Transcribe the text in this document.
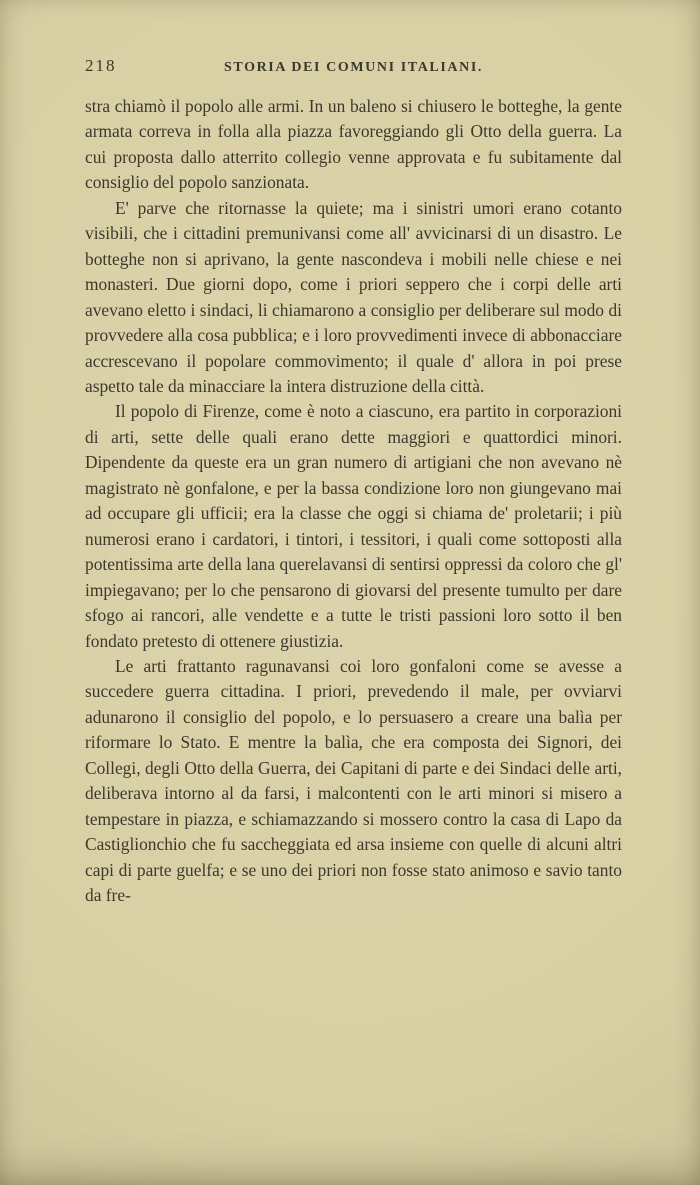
218	STORIA DEI COMUNI ITALIANI.

stra chiamò il popolo alle armi. In un baleno si chiusero le botteghe, la gente armata correva in folla alla piazza favoreggiando gli Otto della guerra. La cui proposta dallo atterrito collegio venne approvata e fu subitamente dal consiglio del popolo sanzionata.

E' parve che ritornasse la quiete; ma i sinistri umori erano cotanto visibili, che i cittadini premunivansi come all' avvicinarsi di un disastro. Le botteghe non si aprivano, la gente nascondeva i mobili nelle chiese e nei monasteri. Due giorni dopo, come i priori seppero che i corpi delle arti avevano eletto i sindaci, li chiamarono a consiglio per deliberare sul modo di provvedere alla cosa pubblica; e i loro provvedimenti invece di abbonacciare accrescevano il popolare commovimento; il quale d' allora in poi prese aspetto tale da minacciare la intera distruzione della città.

Il popolo di Firenze, come è noto a ciascuno, era partito in corporazioni di arti, sette delle quali erano dette maggiori e quattordici minori. Dipendente da queste era un gran numero di artigiani che non avevano nè magistrato nè gonfalone, e per la bassa condizione loro non giungevano mai ad occupare gli ufficii; era la classe che oggi si chiama de' proletarii; i più numerosi erano i cardatori, i tintori, i tessitori, i quali come sottoposti alla potentissima arte della lana querelavansi di sentirsi oppressi da coloro che gl' impiegavano; per lo che pensarono di giovarsi del presente tumulto per dare sfogo ai rancori, alle vendette e a tutte le tristi passioni loro sotto il ben fondato pretesto di ottenere giustizia.

Le arti frattanto ragunavansi coi loro gonfaloni come se avesse a succedere guerra cittadina. I priori, prevedendo il male, per ovviarvi adunarono il consiglio del popolo, e lo persuasero a creare una balìa per riformare lo Stato. E mentre la balìa, che era composta dei Signori, dei Collegi, degli Otto della Guerra, dei Capitani di parte e dei Sindaci delle arti, deliberava intorno al da farsi, i malcontenti con le arti minori si misero a tempestare in piazza, e schiamazzando si mossero contro la casa di Lapo da Castiglionchio che fu saccheggiata ed arsa insieme con quelle di alcuni altri capi di parte guelfa; e se uno dei priori non fosse stato animoso e savio tanto da fre-
